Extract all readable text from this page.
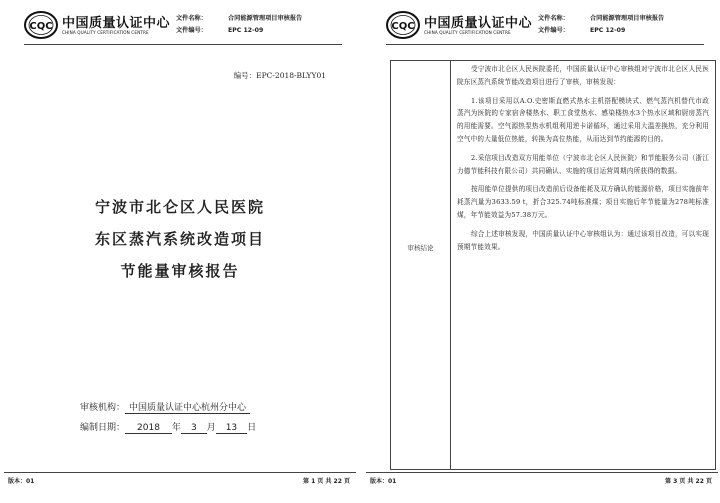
CQC 中国质量认证中心
CHINA QUALITY CERTIFICATION CENTRE
文件名称：	合同能源管理项目审核报告
文件编号：	EPC 12-09
编号：EPC-2018-BLYY01
宁波市北仑区人民医院
东区蒸汽系统改造项目
节能量审核报告
审核机构： 中国质量认证中心杭州分中心
编制日期： 2018 年 3 月 13 日
版本：01	第 1 页 共 22 页
CQC 中国质量认证中心
CHINA QUALITY CERTIFICATION CENTRE
文件名称：	合同能源管理项目审核报告
文件编号：	EPC 12-09
审核结论

受宁波市北仑区人民医院委托，中国质量认证中心审核组对宁波市北仑区人民医院东区蒸汽系统节能改造项目进行了审核，审核发现：

1.该项目采用以A.O.史密斯直燃式热水主机搭配模块式、燃气蒸汽机替代市政蒸汽为医院的专家宿舍楼热水、职工食堂热水、感染楼热水3个热水区域和厨房蒸汽的用能需要。空气源热泵热水机组利用逆卡诺循环，通过采用大温差换热，充分利用空气中的大量低位热能，转换为高位热能，从而达到节约能源的目的。

2.采信项目改造双方用能单位（宁波市北仑区人民医院）和节能服务公司（浙江力德节能科技有限公司）共同确认、实施的项目运营周期内所获得的数据。

按用能单位提供的项目改造前后设备能耗及双方确认的能源价格，项目实施前年耗蒸汽量为3633.59 t，折合325.74吨标准煤；项目实施后年节能量为278吨标准煤，年节能效益为57.38万元。

综合上述审核发现，中国质量认证中心审核组认为：通过该项目改造，可以实现预期节能效果。

版本：01	第 3 页 共 22 页
